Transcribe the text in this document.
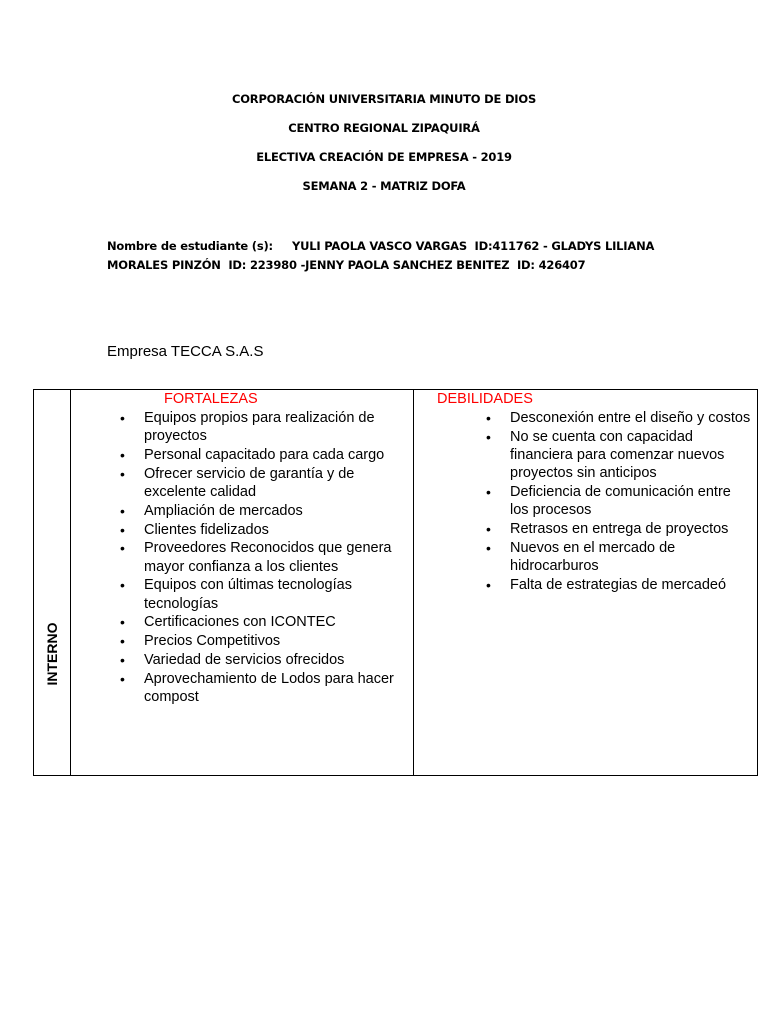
CORPORACIÓN UNIVERSITARIA MINUTO DE DIOS
CENTRO REGIONAL ZIPAQUIRÁ
ELECTIVA CREACIÓN DE EMPRESA - 2019
SEMANA 2 - MATRIZ DOFA
Nombre de estudiante (s):     YULI PAOLA VASCO VARGAS  ID:411762 - GLADYS LILIANA
MORALES PINZÓN  ID: 223980 -JENNY PAOLA SANCHEZ BENITEZ  ID: 426407
Empresa TECCA S.A.S

FORTALEZAS
• Equipos propios para realización de proyectos
• Personal capacitado para cada cargo
• Ofrecer servicio de garantía y de excelente calidad
• Ampliación de mercados
• Clientes fidelizados
• Proveedores Reconocidos que genera mayor confianza a los clientes
• Equipos con últimas tecnologías tecnologías
• Certificaciones con ICONTEC
• Precios Competitivos
• Variedad de servicios ofrecidos
• Aprovechamiento de Lodos para hacer compost

DEBILIDADES
• Desconexión entre el diseño y costos
• No se cuenta con capacidad financiera para comenzar nuevos proyectos sin anticipos
• Deficiencia de comunicación entre los procesos
• Retrasos en entrega de proyectos
• Nuevos en el mercado de hidrocarburos
• Falta de estrategias de mercadeó
INTERNO
